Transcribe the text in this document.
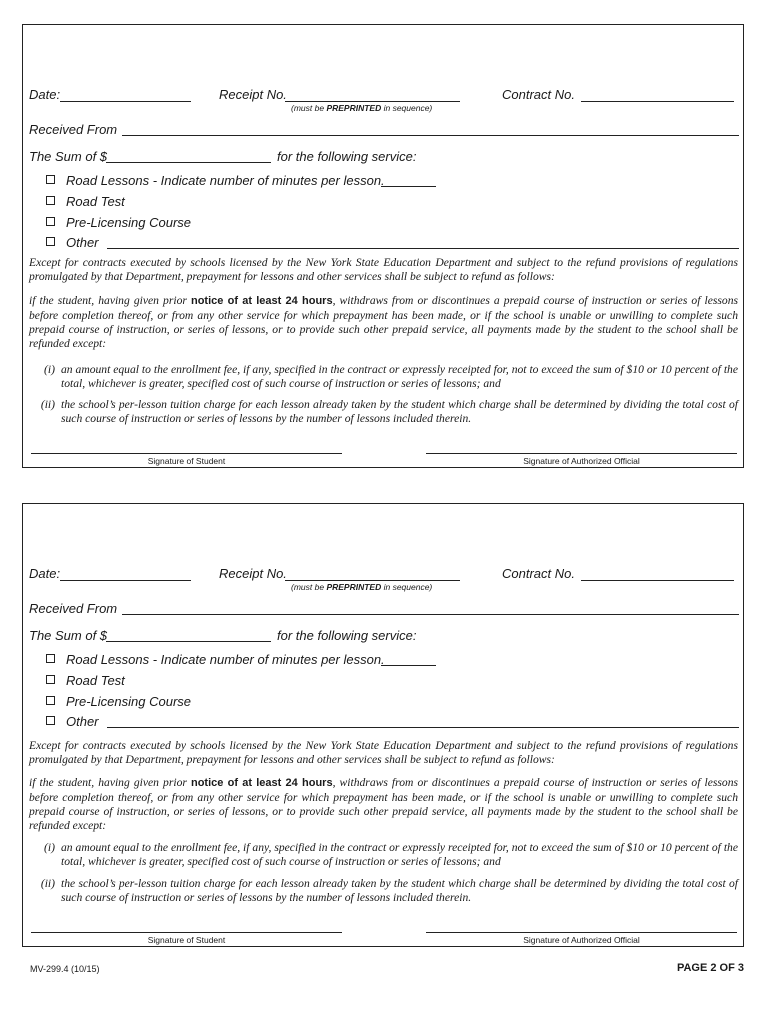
Date:	Receipt No.
(must be PREPRINTED in sequence)
Contract No.
Received From
The Sum of $	for the following service:
Road Lessons - Indicate number of minutes per lesson.
Road Test
Pre-Licensing Course
Other

Except for contracts executed by schools licensed by the New York State Education Department and subject to the refund provisions of regulations promulgated by that Department, prepayment for lessons and other services shall be subject to refund as follows:

if the student, having given prior notice of at least 24 hours, withdraws from or discontinues a prepaid course of instruction or series of lessons before completion thereof, or from any other service for which prepayment has been made, or if the school is unable or unwilling to complete such prepaid course of instruction, or series of lessons, or to provide such other prepaid service, all payments made by the student to the school shall be refunded except:

(i) an amount equal to the enrollment fee, if any, specified in the contract or expressly receipted for, not to exceed the sum of $10 or 10 percent of the total, whichever is greater, specified cost of such course of instruction or series of lessons; and
(ii) the school’s per-lesson tuition charge for each lesson already taken by the student which charge shall be determined by dividing the total cost of such course of instruction or series of lessons by the number of lessons included therein.
Signature of Student	Signature of Authorized Official
Date:	Receipt No.
(must be PREPRINTED in sequence)
Contract No.
Received From
The Sum of $	for the following service:
Road Lessons - Indicate number of minutes per lesson.
Road Test
Pre-Licensing Course
Other

Except for contracts executed by schools licensed by the New York State Education Department and subject to the refund provisions of regulations promulgated by that Department, prepayment for lessons and other services shall be subject to refund as follows:

if the student, having given prior notice of at least 24 hours, withdraws from or discontinues a prepaid course of instruction or series of lessons before completion thereof, or from any other service for which prepayment has been made, or if the school is unable or unwilling to complete such prepaid course of instruction, or series of lessons, or to provide such other prepaid service, all payments made by the student to the school shall be refunded except:

(i) an amount equal to the enrollment fee, if any, specified in the contract or expressly receipted for, not to exceed the sum of $10 or 10 percent of the total, whichever is greater, specified cost of such course of instruction or series of lessons; and
(ii) the school’s per-lesson tuition charge for each lesson already taken by the student which charge shall be determined by dividing the total cost of such course of instruction or series of lessons by the number of lessons included therein.
Signature of Student	Signature of Authorized Official
MV-299.4 (10/15)	PAGE 2 OF 3
